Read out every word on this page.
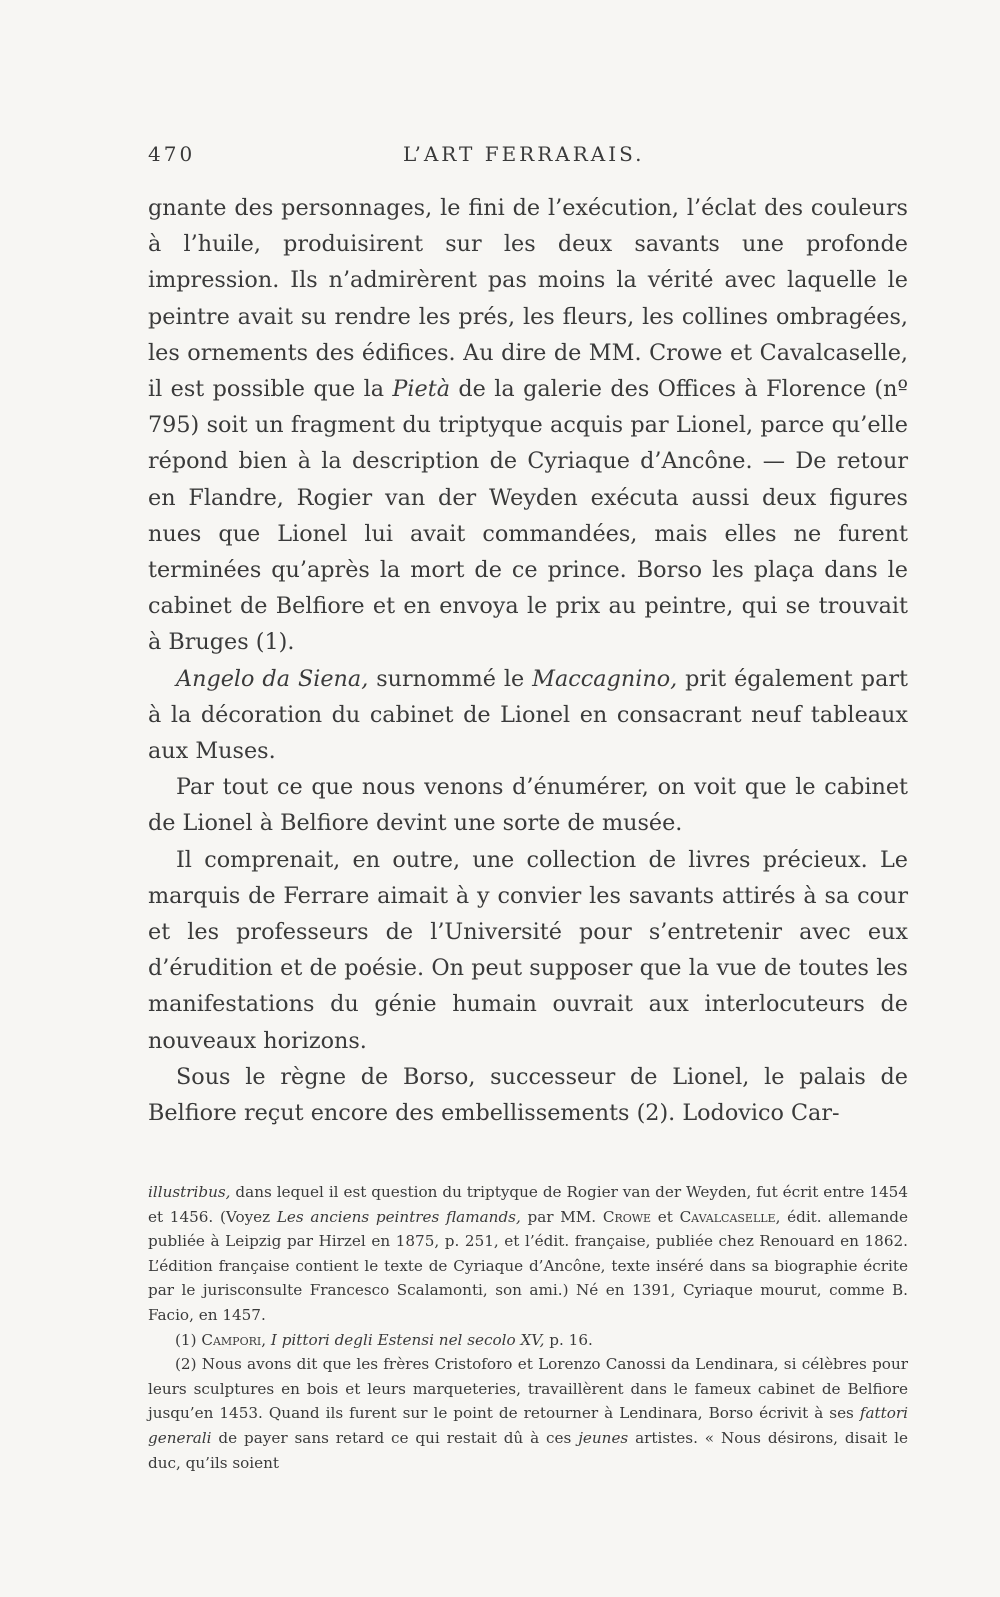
470	L’ART FERRARAIS.

gnante des personnages, le fini de l’exécution, l’éclat des couleurs à l’huile, produisirent sur les deux savants une profonde impression. Ils n’admirèrent pas moins la vérité avec laquelle le peintre avait su rendre les prés, les fleurs, les collines ombragées, les ornements des édifices. Au dire de MM. Crowe et Cavalcaselle, il est possible que la Pietà de la galerie des Offices à Florence (nº 795) soit un fragment du triptyque acquis par Lionel, parce qu’elle répond bien à la description de Cyriaque d’Ancône. — De retour en Flandre, Rogier van der Weyden exécuta aussi deux figures nues que Lionel lui avait commandées, mais elles ne furent terminées qu’après la mort de ce prince. Borso les plaça dans le cabinet de Belfiore et en envoya le prix au peintre, qui se trouvait à Bruges (1).

Angelo da Siena, surnommé le Maccagnino, prit également part à la décoration du cabinet de Lionel en consacrant neuf tableaux aux Muses.

Par tout ce que nous venons d’énumérer, on voit que le cabinet de Lionel à Belfiore devint une sorte de musée.

Il comprenait, en outre, une collection de livres précieux. Le marquis de Ferrare aimait à y convier les savants attirés à sa cour et les professeurs de l’Université pour s’entretenir avec eux d’érudition et de poésie. On peut supposer que la vue de toutes les manifestations du génie humain ouvrait aux interlocuteurs de nouveaux horizons.

Sous le règne de Borso, successeur de Lionel, le palais de Belfiore reçut encore des embellissements (2). Lodovico Car-

illustribus, dans lequel il est question du triptyque de Rogier van der Weyden, fut écrit entre 1454 et 1456. (Voyez Les anciens peintres flamands, par MM. Crowe et Cavalcaselle, édit. allemande publiée à Leipzig par Hirzel en 1875, p. 251, et l’édit. française, publiée chez Renouard en 1862. L’édition française contient le texte de Cyriaque d’Ancône, texte inséré dans sa biographie écrite par le jurisconsulte Francesco Scalamonti, son ami.) Né en 1391, Cyriaque mourut, comme B. Facio, en 1457.

(1) Campori, I pittori degli Estensi nel secolo XV, p. 16.

(2) Nous avons dit que les frères Cristoforo et Lorenzo Canossi da Lendinara, si célèbres pour leurs sculptures en bois et leurs marqueteries, travaillèrent dans le fameux cabinet de Belfiore jusqu’en 1453. Quand ils furent sur le point de retourner à Lendinara, Borso écrivit à ses fattori generali de payer sans retard ce qui restait dû à ces jeunes artistes. « Nous désirons, disait le duc, qu’ils soient
